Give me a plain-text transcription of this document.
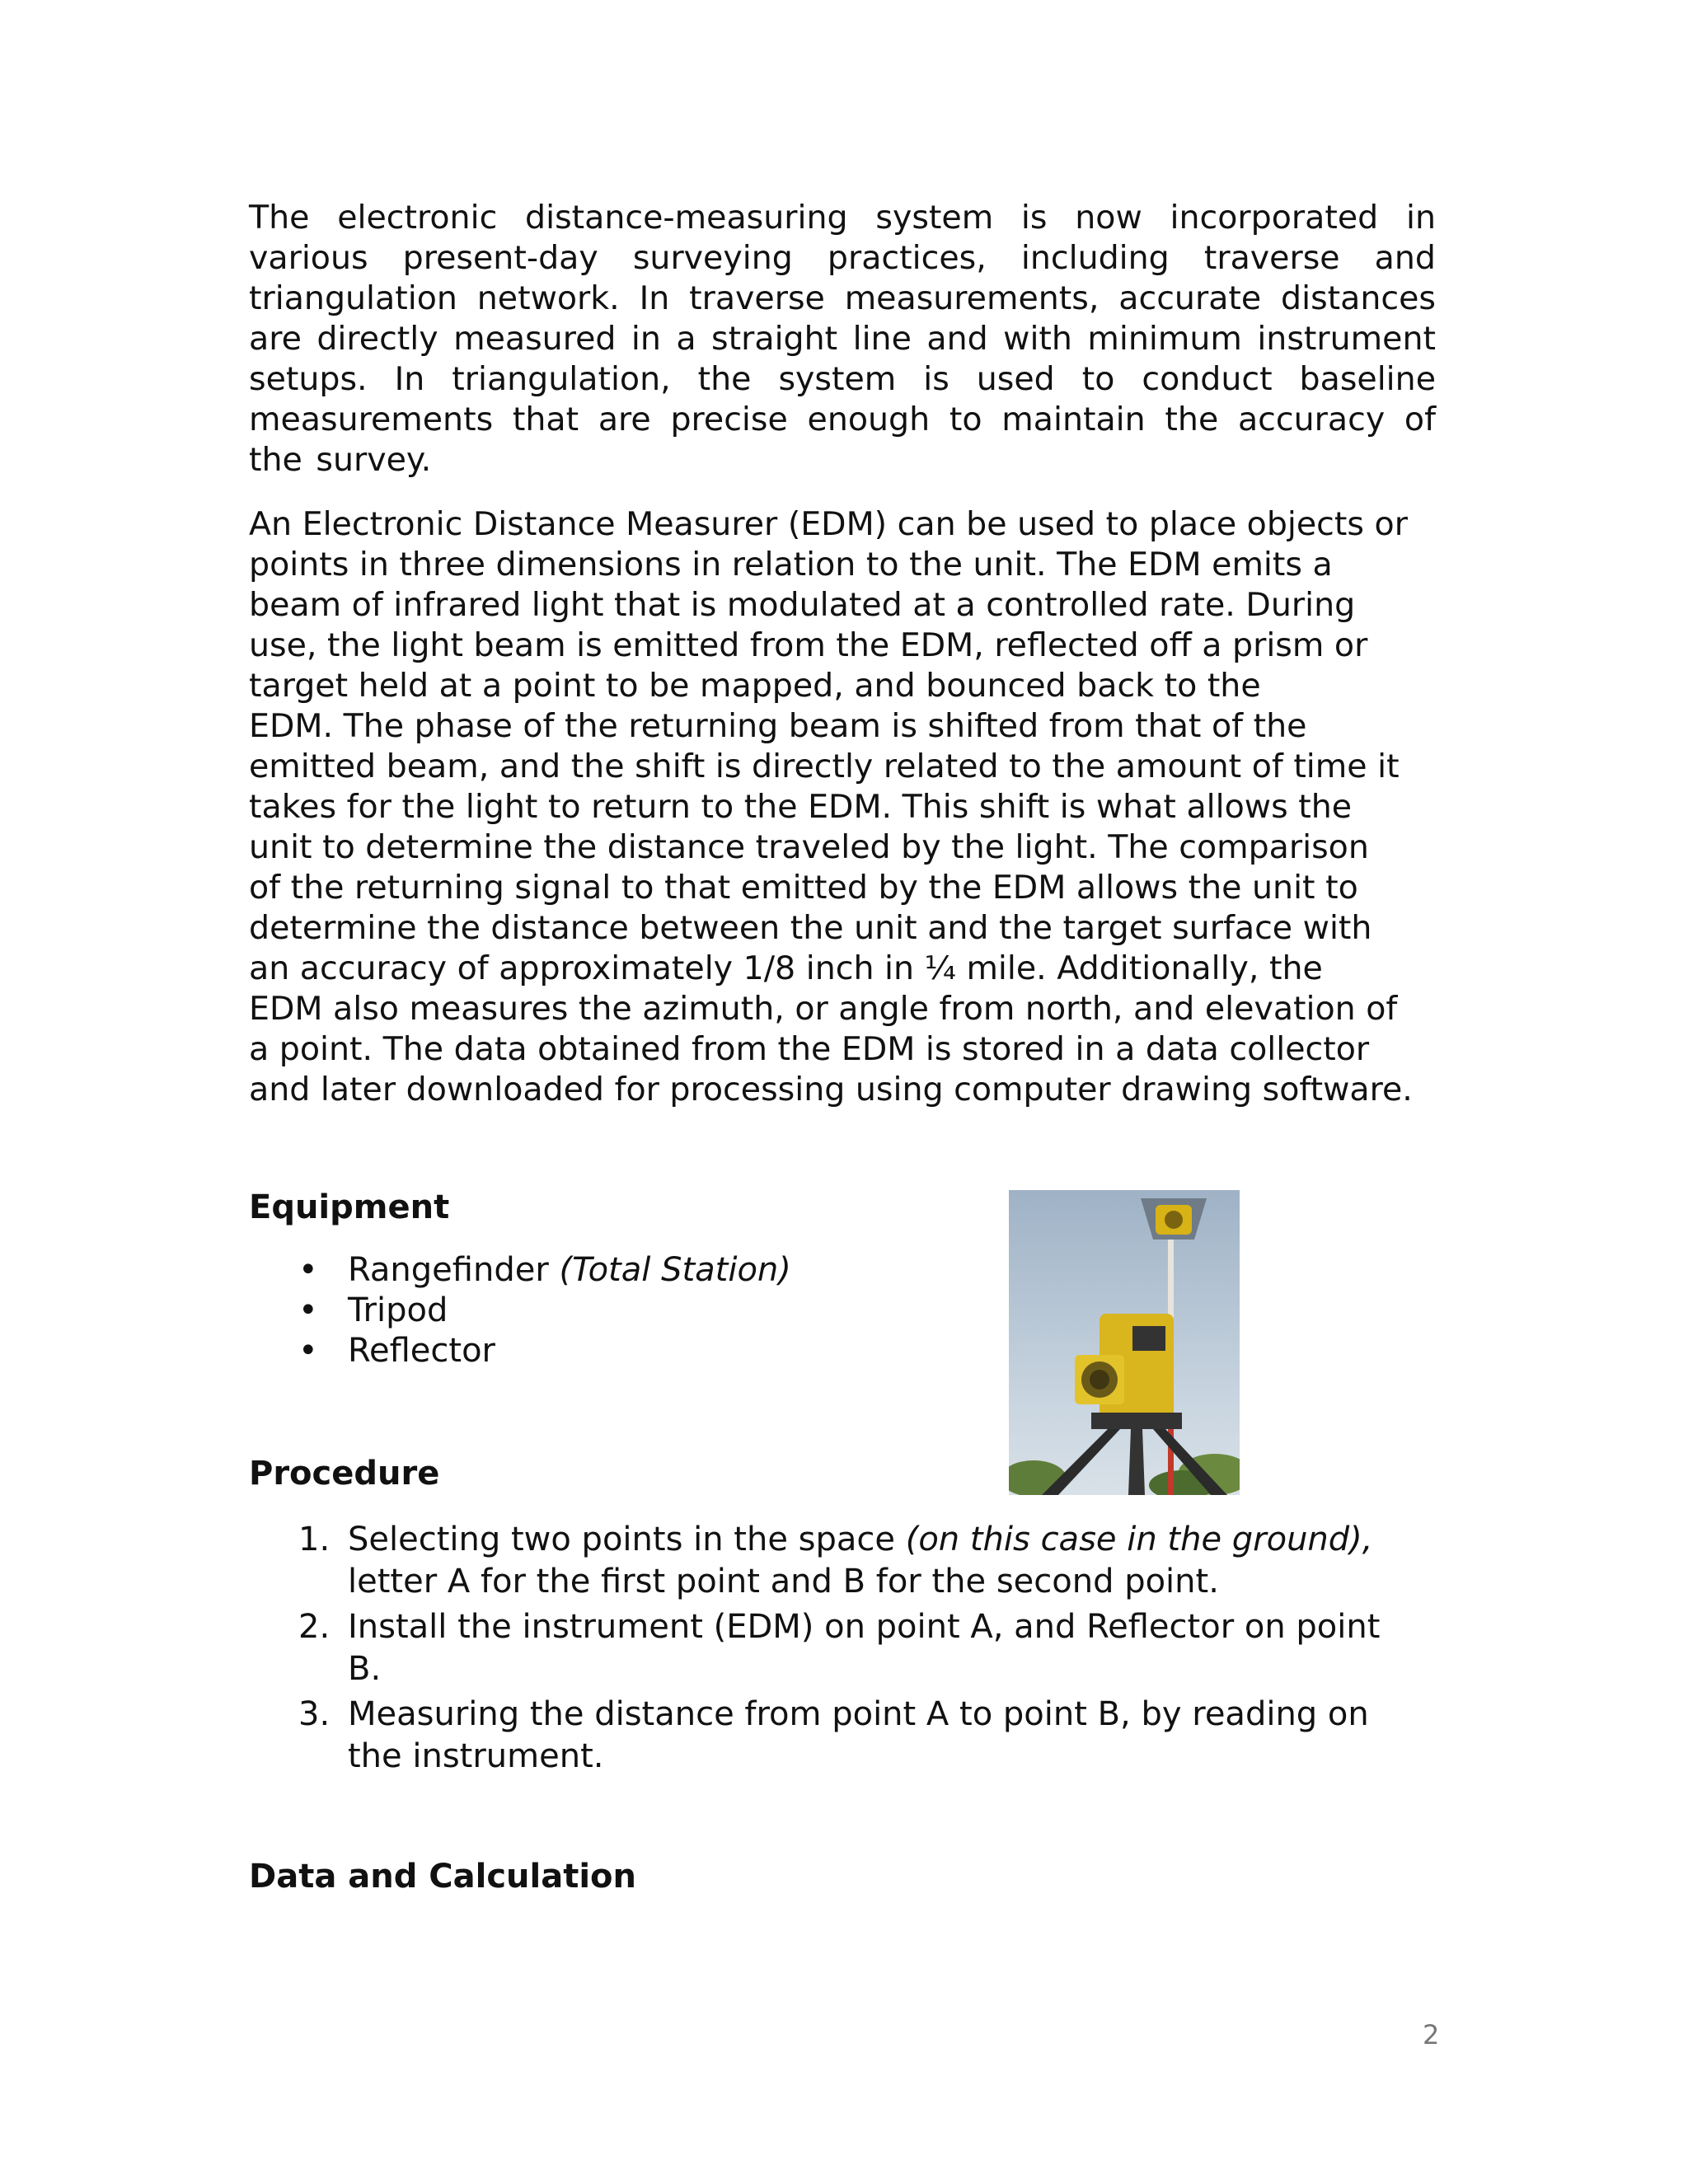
The electronic distance-measuring system is now incorporated in various present-day surveying practices, including traverse and triangulation network. In traverse measurements, accurate distances are directly measured in a straight line and with minimum instrument setups. In triangulation, the system is used to conduct baseline measurements that are precise enough to maintain the accuracy of the survey.

An Electronic Distance Measurer (EDM) can be used to place objects or
points in three dimensions in relation to the unit. The EDM emits a
beam of infrared light that is modulated at a controlled rate. During
use, the light beam is emitted from the EDM, reflected off a prism or
target held at a point to be mapped, and bounced back to the
EDM. The phase of the returning beam is shifted from that of the
emitted beam, and the shift is directly related to the amount of time it
takes for the light to return to the EDM. This shift is what allows the
unit to determine the distance traveled by the light. The comparison
of the returning signal to that emitted by the EDM allows the unit to
determine the distance between the unit and the target surface with
an accuracy of approximately 1/8 inch in ¼ mile. Additionally, the
EDM also measures the azimuth, or angle from north, and elevation of
a point. The data obtained from the EDM is stored in a data collector
and later downloaded for processing using computer drawing software.
Equipment
• Rangefinder (Total Station)
• Tripod
• Reflector
Procedure
1. Selecting two points in the space (on this case in the ground),
letter A for the first point and B for the second point.
2. Install the instrument (EDM) on point A, and Reflector on point
B.
3. Measuring the distance from point A to point B, by reading on
the instrument.
Data and Calculation
2
